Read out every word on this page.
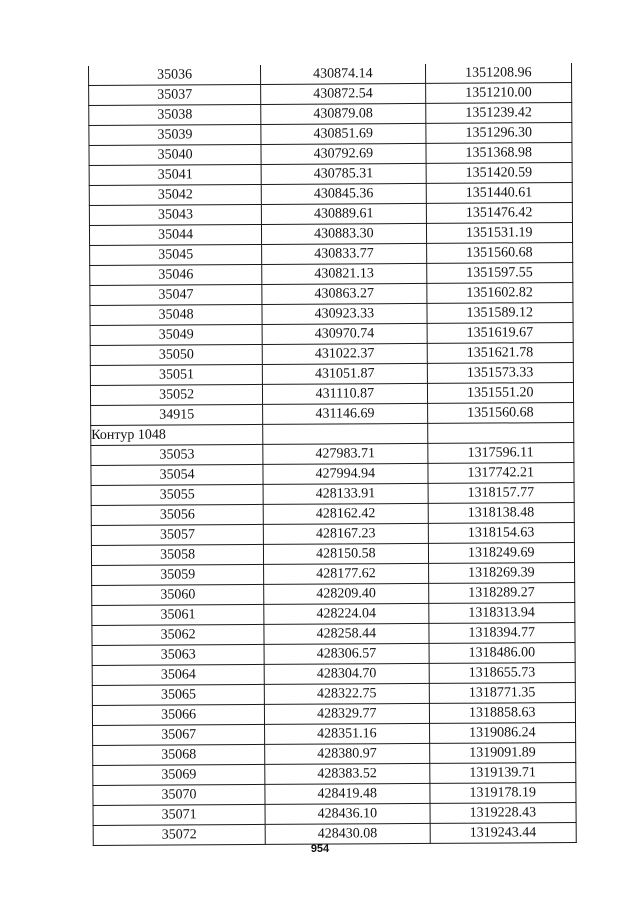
35036	430874.14	1351208.96
35037	430872.54	1351210.00
35038	430879.08	1351239.42
35039	430851.69	1351296.30
35040	430792.69	1351368.98
35041	430785.31	1351420.59
35042	430845.36	1351440.61
35043	430889.61	1351476.42
35044	430883.30	1351531.19
35045	430833.77	1351560.68
35046	430821.13	1351597.55
35047	430863.27	1351602.82
35048	430923.33	1351589.12
35049	430970.74	1351619.67
35050	431022.37	1351621.78
35051	431051.87	1351573.33
35052	431110.87	1351551.20
34915	431146.69	1351560.68
Контур 1048		
35053	427983.71	1317596.11
35054	427994.94	1317742.21
35055	428133.91	1318157.77
35056	428162.42	1318138.48
35057	428167.23	1318154.63
35058	428150.58	1318249.69
35059	428177.62	1318269.39
35060	428209.40	1318289.27
35061	428224.04	1318313.94
35062	428258.44	1318394.77
35063	428306.57	1318486.00
35064	428304.70	1318655.73
35065	428322.75	1318771.35
35066	428329.77	1318858.63
35067	428351.16	1319086.24
35068	428380.97	1319091.89
35069	428383.52	1319139.71
35070	428419.48	1319178.19
35071	428436.10	1319228.43
35072	428430.08	1319243.44
954
